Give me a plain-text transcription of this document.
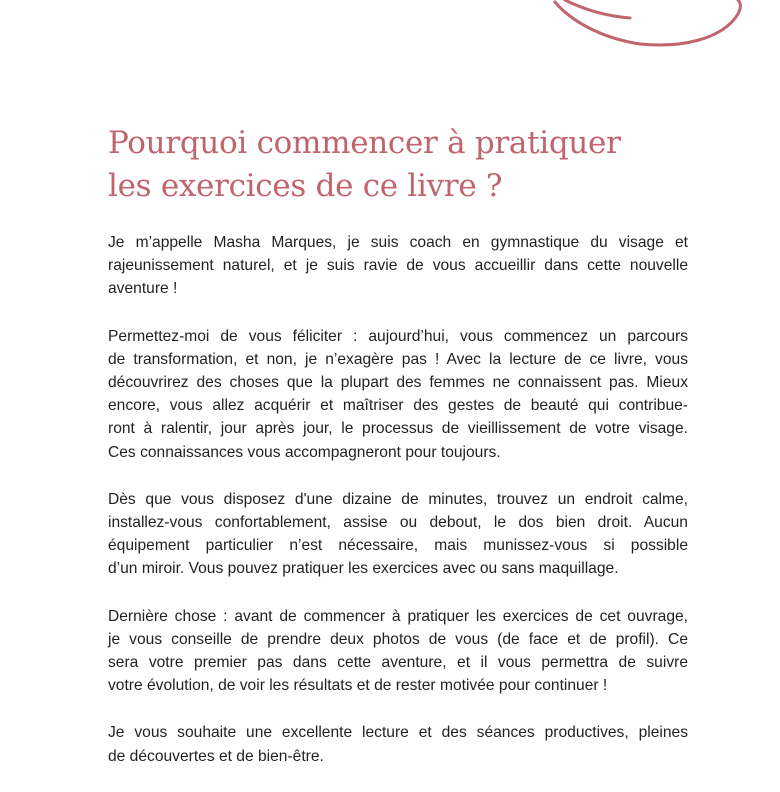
Pourquoi commencer à pratiquer
les exercices de ce livre ?

Je m’appelle Masha Marques, je suis coach en gymnastique du visage et
rajeunissement naturel, et je suis ravie de vous accueillir dans cette nouvelle
aventure !

Permettez-moi de vous féliciter : aujourd’hui, vous commencez un parcours
de transformation, et non, je n’exagère pas ! Avec la lecture de ce livre, vous
découvrirez des choses que la plupart des femmes ne connaissent pas. Mieux
encore, vous allez acquérir et maîtriser des gestes de beauté qui contribue-
ront à ralentir, jour après jour, le processus de vieillissement de votre visage.
Ces connaissances vous accompagneront pour toujours.

Dès que vous disposez d'une dizaine de minutes, trouvez un endroit calme,
installez-vous confortablement, assise ou debout, le dos bien droit. Aucun
équipement particulier n’est nécessaire, mais munissez-vous si possible
d’un miroir. Vous pouvez pratiquer les exercices avec ou sans maquillage.

Dernière chose : avant de commencer à pratiquer les exercices de cet ouvrage,
je vous conseille de prendre deux photos de vous (de face et de profil). Ce
sera votre premier pas dans cette aventure, et il vous permettra de suivre
votre évolution, de voir les résultats et de rester motivée pour continuer !

Je vous souhaite une excellente lecture et des séances productives, pleines
de découvertes et de bien-être.
